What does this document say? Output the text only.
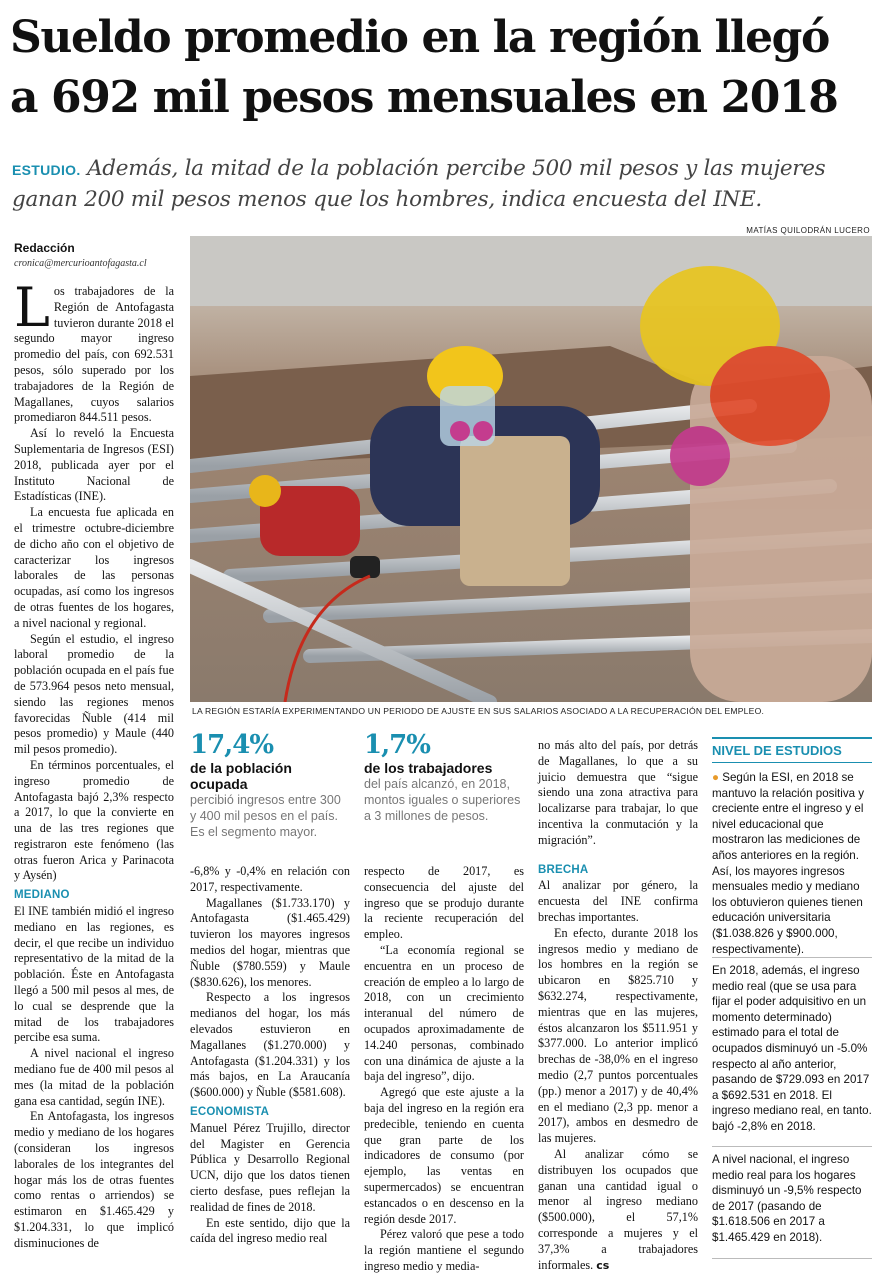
Sueldo promedio en la región llegó
a 692 mil pesos mensuales en 2018
ESTUDIO. Además, la mitad de la población percibe 500 mil pesos y las mujeres ganan 200 mil pesos menos que los hombres, indica encuesta del INE.
Redacción
cronica@mercurioantofagasta.cl
MATÍAS QUILODRÁN LUCERO
LA REGIÓN ESTARÍA EXPERIMENTANDO UN PERIODO DE AJUSTE EN SUS SALARIOS ASOCIADO A LA RECUPERACIÓN DEL EMPLEO.

Los trabajadores de la Región de Antofagasta tuvieron durante 2018 el segundo mayor ingreso promedio del país, con 692.531 pesos, sólo superado por los trabajadores de la Región de Magallanes, cuyos salarios promediaron 844.511 pesos.

Así lo reveló la Encuesta Suplementaria de Ingresos (ESI) 2018, publicada ayer por el Instituto Nacional de Estadísticas (INE).

La encuesta fue aplicada en el trimestre octubre-diciembre de dicho año con el objetivo de caracterizar los ingresos laborales de las personas ocupadas, así como los ingresos de otras fuentes de los hogares, a nivel nacional y regional.

Según el estudio, el ingreso laboral promedio de la población ocupada en el país fue de 573.964 pesos neto mensual, siendo las regiones menos favorecidas Ñuble (414 mil pesos promedio) y Maule (440 mil pesos promedio).

En términos porcentuales, el ingreso promedio de Antofagasta bajó 2,3% respecto a 2017, lo que la convierte en una de las tres regiones que registraron este fenómeno (las otras fueron Arica y Parinacota y Aysén)

MEDIANO

El INE también midió el ingreso mediano en las regiones, es decir, el que recibe un individuo representativo de la mitad de la población. Éste en Antofagasta llegó a 500 mil pesos al mes, de lo cual se desprende que la mitad de los trabajadores percibe esa suma.

A nivel nacional el ingreso mediano fue de 400 mil pesos al mes (la mitad de la población gana esa cantidad, según INE).

En Antofagasta, los ingresos medio y mediano de los hogares (consideran los ingresos laborales de los integrantes del hogar más los de otras fuentes como rentas o arriendos) se estimaron en $1.465.429 y $1.204.331, lo que implicó disminuciones de

17,4%
de la población ocupada
percibió ingresos entre 300 y 400 mil pesos en el país. Es el segmento mayor.
1,7%
de los trabajadores
del país alcanzó, en 2018, montos iguales o superiores a 3 millones de pesos.

-6,8% y -0,4% en relación con 2017, respectivamente.

Magallanes ($1.733.170) y Antofagasta ($1.465.429) tuvieron los mayores ingresos medios del hogar, mientras que Ñuble ($780.559) y Maule ($830.626), los menores.

Respecto a los ingresos medianos del hogar, los más elevados estuvieron en Magallanes ($1.270.000) y Antofagasta ($1.204.331) y los más bajos, en La Araucanía ($600.000) y Ñuble ($581.608).

ECONOMISTA

Manuel Pérez Trujillo, director del Magister en Gerencia Pública y Desarrollo Regional UCN, dijo que los datos tienen cierto desfase, pues reflejan la realidad de fines de 2018.

En este sentido, dijo que la caída del ingreso medio real

respecto de 2017, es consecuencia del ajuste del ingreso que se produjo durante la reciente recuperación del empleo.

“La economía regional se encuentra en un proceso de creación de empleo a lo largo de 2018, con un crecimiento interanual del número de ocupados aproximadamente de 14.240 personas, combinado con una dinámica de ajuste a la baja del ingreso”, dijo.

Agregó que este ajuste a la baja del ingreso en la región era predecible, teniendo en cuenta que gran parte de los indicadores de consumo (por ejemplo, las ventas en supermercados) se encuentran estancados o en descenso en la región desde 2017.

Pérez valoró que pese a todo la región mantiene el segundo ingreso medio y media-

no más alto del país, por detrás de Magallanes, lo que a su juicio demuestra que “sigue siendo una zona atractiva para localizarse para trabajar, lo que incentiva la conmutación y la migración”.

BRECHA

Al analizar por género, la encuesta del INE confirma brechas importantes.

En efecto, durante 2018 los ingresos medio y mediano de los hombres en la región se ubicaron en $825.710 y $632.274, respectivamente, mientras que en las mujeres, éstos alcanzaron los $511.951 y $377.000. Lo anterior implicó brechas de -38,0% en el ingreso medio (2,7 puntos porcentuales (pp.) menor a 2017) y de 40,4% en el mediano (2,3 pp. menor a 2017), ambos en desmedro de las mujeres.

Al analizar cómo se distribuyen los ocupados que ganan una cantidad igual o menor al ingreso mediano ($500.000), el 57,1% corresponde a mujeres y el 37,3% a trabajadores informales. cs

NIVEL DE ESTUDIOS
● Según la ESI, en 2018 se mantuvo la relación positiva y creciente entre el ingreso y el nivel educacional que mostraron las mediciones de años anteriores en la región. Así, los mayores ingresos mensuales medio y mediano los obtuvieron quienes tienen educación universitaria ($1.038.826 y $900.000, respectivamente).
En 2018, además, el ingreso medio real (que se usa para fijar el poder adquisitivo en un momento determinado) estimado para el total de ocupados disminuyó un -5.0% respecto al año anterior, pasando de $729.093 en 2017 a $692.531 en 2018. El ingreso mediano real, en tanto. bajó -2,8% en 2018.
A nivel nacional, el ingreso medio real para los hogares disminuyó un -9,5% respecto de 2017 (pasando de $1.618.506 en 2017 a $1.465.429 en 2018).
